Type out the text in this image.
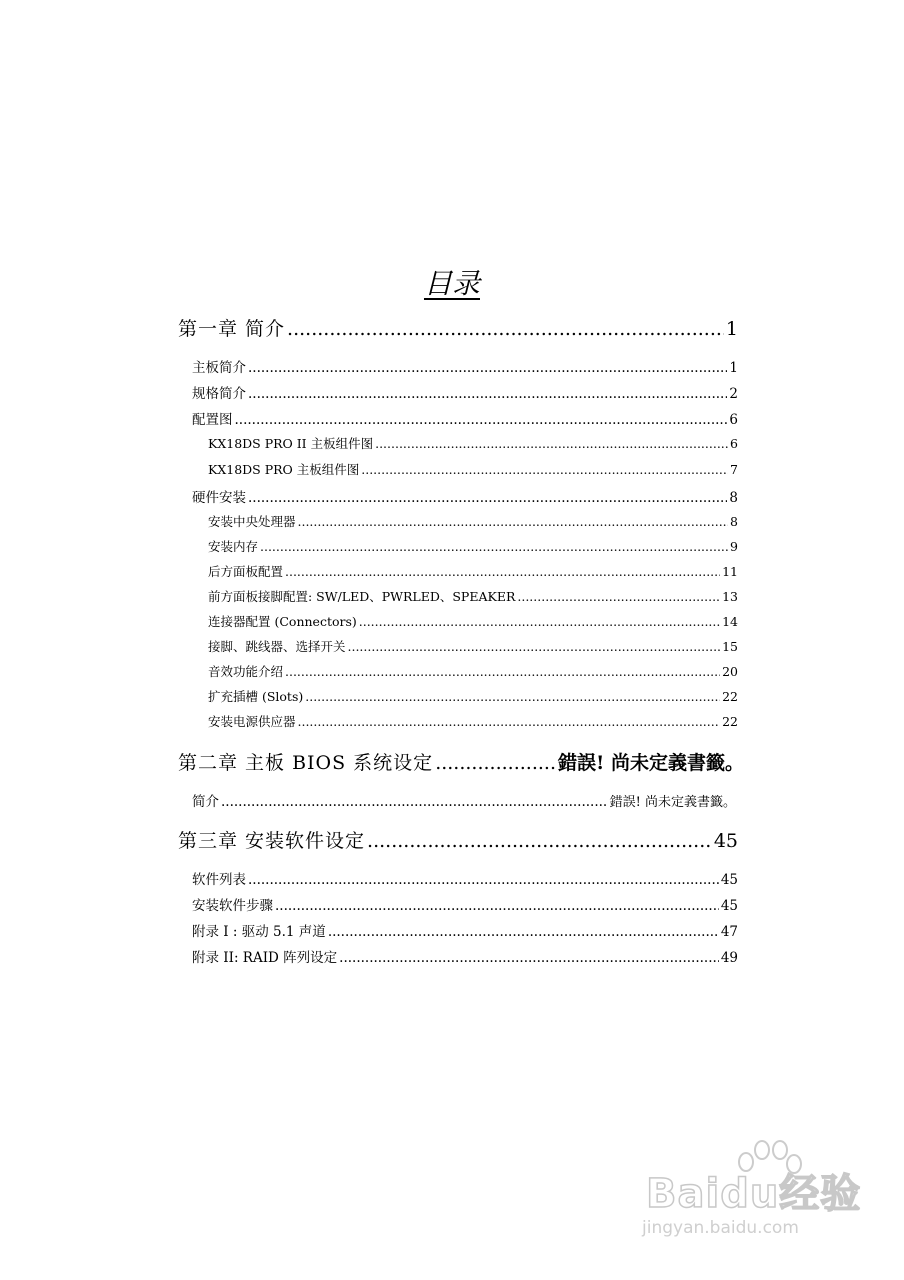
目录
第一章 简介 .....	1
主板简介 .....	1
规格简介 .....	2
配置图 .....	6
KX18DS PRO II 主板组件图 .....	6
KX18DS PRO 主板组件图 .....	7
硬件安装 .....	8
安装中央处理器 .....	8
安装内存 .....	9
后方面板配置 .....	11
前方面板接脚配置: SW/LED、PWRLED、SPEAKER .....	13
连接器配置 (Connectors) .....	14
接脚、跳线器、选择开关 .....	15
音效功能介绍 .....	20
扩充插槽 (Slots) .....	22
安装电源供应器 .....	22
第二章 主板 BIOS 系统设定 .....	錯誤! 尚未定義書籤。
简介 .....	錯誤! 尚未定義書籤。
第三章 安装软件设定 .....	45
软件列表 .....	45
安装软件步骤 .....	45
附录 I : 驱动 5.1 声道 .....	47
附录 II: RAID 阵列设定 .....	49
Baidu经验
jingyan.baidu.com
